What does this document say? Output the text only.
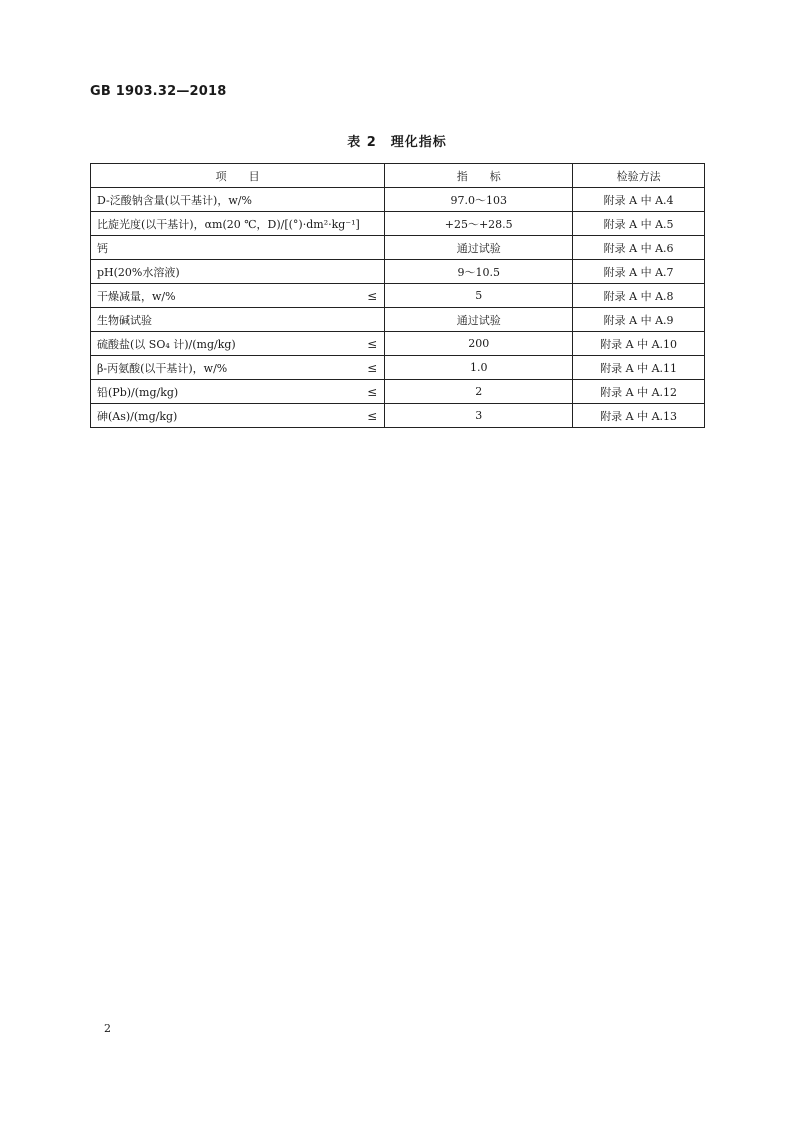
GB 1903.32—2018
表 2　理化指标
项　　目	指　　标	检验方法
D-泛酸钠含量(以干基计)，w/%	97.0～103	附录 A 中 A.4
比旋光度(以干基计)，αm(20 ℃，D)/[(°)·dm²·kg⁻¹]	+25～+28.5	附录 A 中 A.5
钙	通过试验	附录 A 中 A.6
pH(20%水溶液)	9～10.5	附录 A 中 A.7
干燥减量，w/% ≤	5	附录 A 中 A.8
生物碱试验	通过试验	附录 A 中 A.9
硫酸盐(以 SO₄ 计)/(mg/kg) ≤	200	附录 A 中 A.10
β-丙氨酸(以干基计)，w/% ≤	1.0	附录 A 中 A.11
铅(Pb)/(mg/kg) ≤	2	附录 A 中 A.12
砷(As)/(mg/kg) ≤	3	附录 A 中 A.13
2
